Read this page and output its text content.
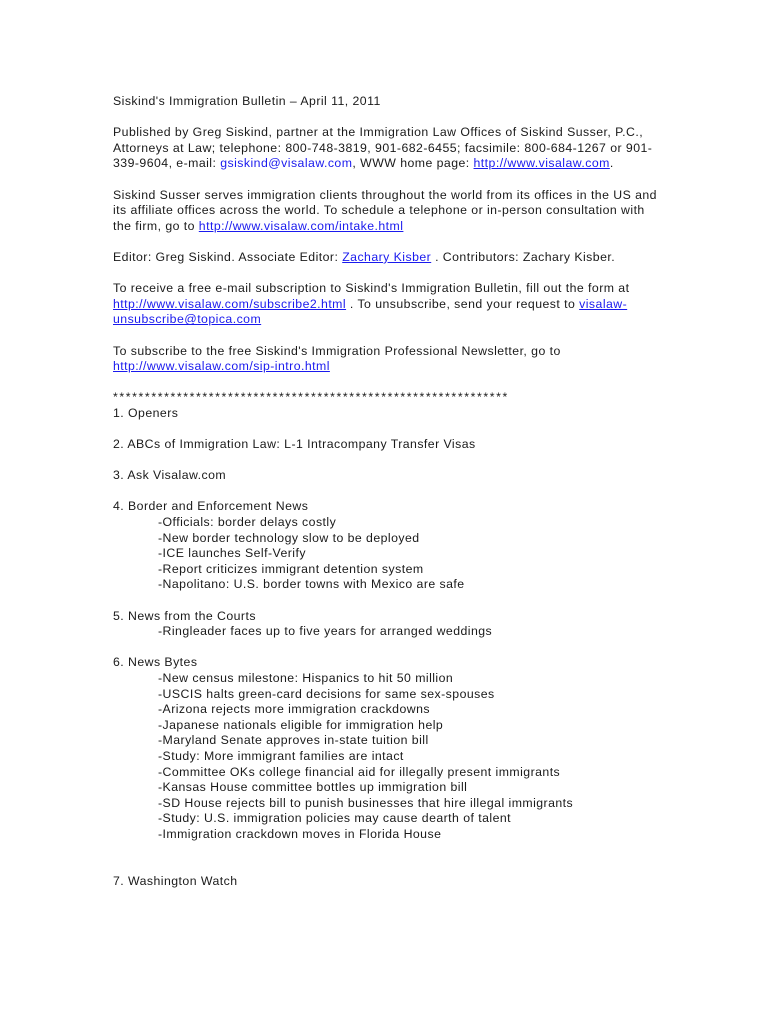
Siskind's Immigration Bulletin – April 11, 2011

Published by Greg Siskind, partner at the Immigration Law Offices of Siskind Susser, P.C., Attorneys at Law; telephone: 800-748-3819, 901-682-6455; facsimile: 800-684-1267 or 901-339-9604, e-mail: gsiskind@visalaw.com, WWW home page: http://www.visalaw.com.

Siskind Susser serves immigration clients throughout the world from its offices in the US and its affiliate offices across the world. To schedule a telephone or in-person consultation with the firm, go to http://www.visalaw.com/intake.html

Editor: Greg Siskind. Associate Editor: Zachary Kisber . Contributors: Zachary Kisber.

To receive a free e-mail subscription to Siskind's Immigration Bulletin, fill out the form at http://www.visalaw.com/subscribe2.html . To unsubscribe, send your request to visalaw-unsubscribe@topica.com

To subscribe to the free Siskind's Immigration Professional Newsletter, go to http://www.visalaw.com/sip-intro.html

**************************************************************

1. Openers

2. ABCs of Immigration Law: L-1 Intracompany Transfer Visas

3. Ask Visalaw.com

4. Border and Enforcement News

-Officials: border delays costly

-New border technology slow to be deployed

-ICE launches Self-Verify

-Report criticizes immigrant detention system

-Napolitano: U.S. border towns with Mexico are safe

5. News from the Courts

-Ringleader faces up to five years for arranged weddings

6. News Bytes

-New census milestone: Hispanics to hit 50 million

-USCIS halts green-card decisions for same sex-spouses

-Arizona rejects more immigration crackdowns

-Japanese nationals eligible for immigration help

-Maryland Senate approves in-state tuition bill

-Study: More immigrant families are intact

-Committee OKs college financial aid for illegally present immigrants

-Kansas House committee bottles up immigration bill

-SD House rejects bill to punish businesses that hire illegal immigrants

-Study: U.S. immigration policies may cause dearth of talent

-Immigration crackdown moves in Florida House

7. Washington Watch
